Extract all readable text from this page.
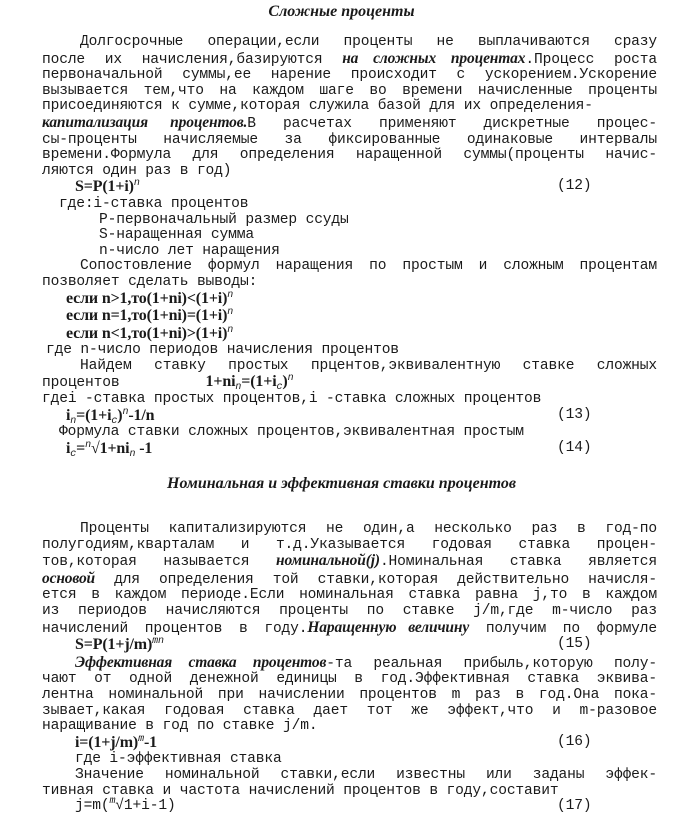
Сложные проценты
Долгосрочные операции,если проценты не выплачиваются сразу
после их начисления,базируются на сложных процентах.Процесс роста
первоначальной суммы,ее нарение происходит с ускорением.Ускорение
вызывается тем,что на каждом шаге во времени начисленные проценты
присоединяются к сумме,которая служила базой для их определения-
капитализация процентов.В расчетах применяют дискретные процес-
сы-проценты начисляемые за фиксированные одинаковые интервалы
времени.Формула для определения наращенной суммы(проценты начис-
ляются один раз в год)
$S=P(1+i)^n$	(12)
где:i-ставка процентов
P-первоначальный размер ссуды
S-наращенная сумма
n-число лет наращения
Сопостовление формул наращения по простым и сложным процентам
позволяет сделать выводы:
если $n>1,то(1+ni)<(1+i)^n$
если $n=1,то(1+ni)=(1+i)^n$
если $n<1,то(1+ni)>(1+i)^n$
где n-число периодов начисления процентов
Найдем ставку простых прцентов,эквивалентную ставке сложных
процентов          $1+ni_n=(1+i_c)^n$
гдеi -ставка простых процентов,i -ставка сложных процентов
$i_n=(1+i_c)^n-1/n$	(13)
Формула ставки сложных процентов,эквивалентная простым
$i_c=^n√1+ni_n$ -1	(14)
Номинальная и эффективная ставки процентов
Проценты капитализируются не один,а несколько раз в год-по
полугодиям,кварталам и т.д.Указывается годовая ставка процен-
тов,которая называется номинальной(j).Номинальная ставка является
основой для определения той ставки,которая действительно начисля-
ется в каждом периоде.Если номинальная ставка равна j,то в каждом
из периодов начисляются проценты по ставке j/m,где m-число раз
начислений процентов в году.Наращенную величину получим по формуле
$S=P(1+j/m)^{mn}$	(15)
Эффективная ставка процентов-та реальная прибыль,которую полу-
чают от одной денежной единицы в год.Эффективная ставка эквива-
лентна номинальной при начислении процентов m раз в год.Она пока-
зывает,какая годовая ставка дает тот же эффект,что и m-разовое
наращивание в год по ставке j/m.
$i=(1+j/m)^m-1$	(16)
где i-эффективная ставка
Значение номинальной ставки,если известны или заданы эффек-
тивная ставка и частота начислений процентов в году,составит
j=m($^m$√1+i-1)	(17)
